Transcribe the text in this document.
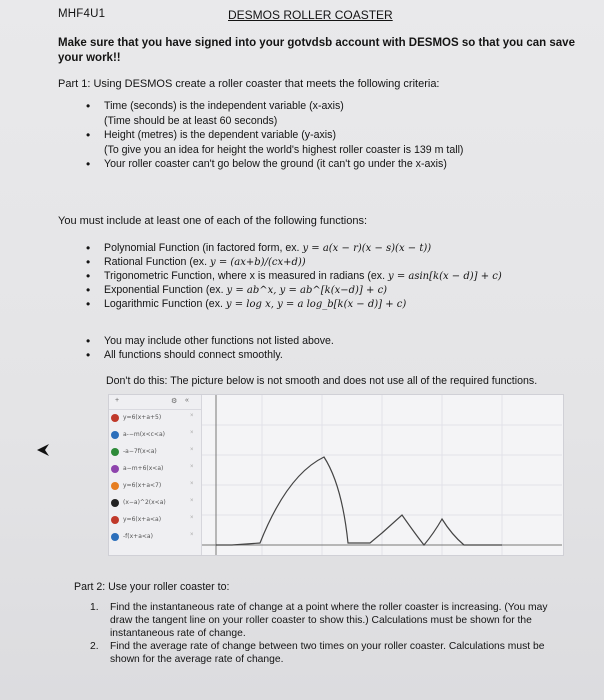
MHF4U1	DESMOS ROLLER COASTER
Make sure that you have signed into your gotvdsb account with DESMOS so that you can save your work!!
Part 1: Using DESMOS create a roller coaster that meets the following criteria:
• Time (seconds) is the independent variable (x-axis)
(Time should be at least 60 seconds)
• Height (metres) is the dependent variable (y-axis)
(To give you an idea for height the world's highest roller coaster is 139 m tall)
• Your roller coaster can't go below the ground (it can't go under the x-axis)
You must include at least one of each of the following functions:
• Polynomial Function (in factored form, ex. y = a(x − r)(x − s)(x − t))
• Rational Function (ex. y = (ax+b)/(cx+d))
• Trigonometric Function, where x is measured in radians (ex. y = asin[k(x − d)] + c)
• Exponential Function (ex. y = ab^x, y = ab^[k(x−d)] + c)
• Logarithmic Function (ex. y = log x, y = a log_b[k(x − d)] + c)
• You may include other functions not listed above.
• All functions should connect smoothly.
Don't do this: The picture below is not smooth and does not use all of the required functions.
+	⚙ «
y=6(x+a+5)	×
a-−m(x<c<a)	×
-a−7f(x<a)	×
a−m+6(x<a)	×
y=6(x+a<7)	×
(x−a)^2(x<a)	×
y=6(x+a<a)	×
-f(x+a<a)	×
Part 2: Use your roller coaster to:
1. Find the instantaneous rate of change at a point where the roller coaster is increasing. (You may draw the tangent line on your roller coaster to show this.) Calculations must be shown for the instantaneous rate of change.
2. Find the average rate of change between two times on your roller coaster. Calculations must be shown for the average rate of change.
